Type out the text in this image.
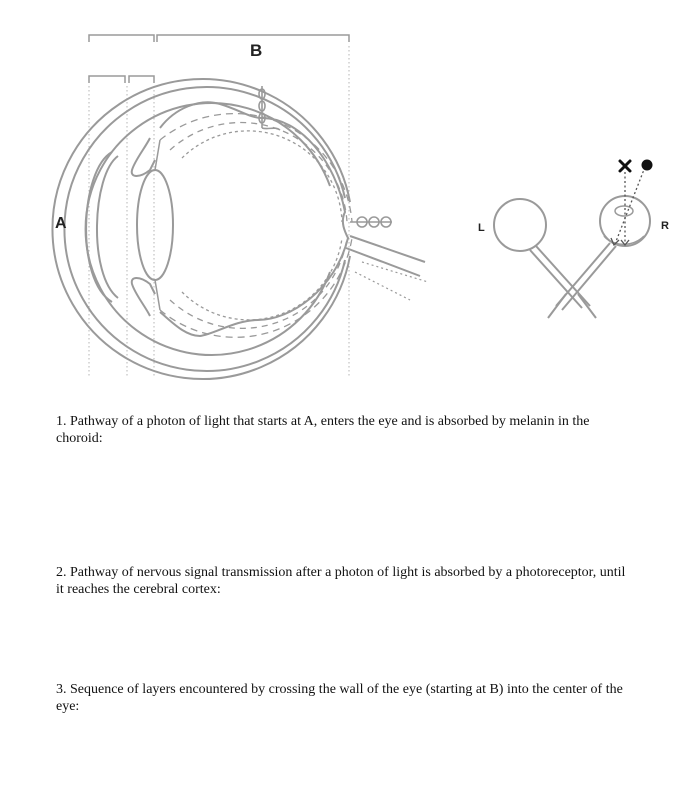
A
B
L	R
1. Pathway of a photon of light that starts at A, enters the eye and is absorbed by melanin in the choroid:
2. Pathway of nervous signal transmission after a photon of light is absorbed by a photoreceptor, until it reaches the cerebral cortex:
3. Sequence of layers encountered by crossing the wall of the eye (starting at B) into the center of the eye:
